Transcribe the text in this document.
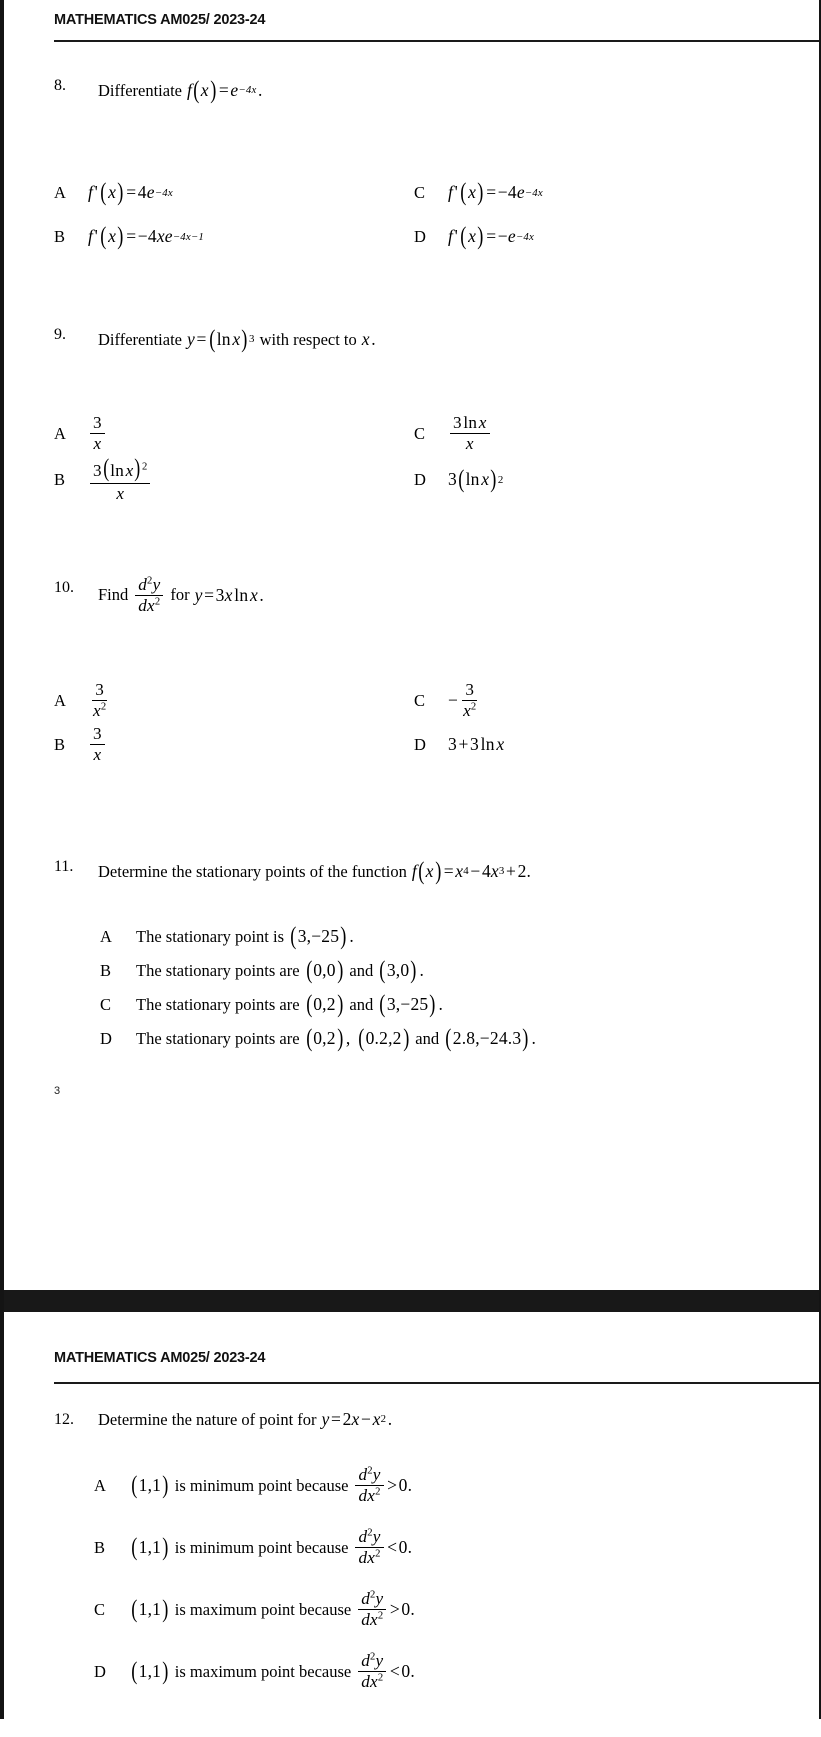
MATHEMATICS AM025/ 2023-24
8.	Differentiate f ( x ) = e −4x .
A	f ' ( x ) = 4 e −4x	C	f ' ( x ) = −4 e −4x
B	f ' ( x ) = −4 xe −4x−1	D	f ' ( x ) = − e −4x
9.	Differentiate y = ( ln
  x ) 3 with respect to x .
A	$\frac{3}{x}$	C	$\frac{\text{3 ln x}}{x}$
B	$\frac{3(\ln x)^2}{x}$	D	3 ( ln
  x ) 2
10.	Find $\frac{d^2y}{dx^2}$ for y = 3 x
  ln
  x .
A	$\frac{3}{x^2}$	C	− $\frac{3}{x^2}$
B	$\frac{3}{x}$	D	3 + 3
  ln
  x
11.	Determine the stationary points of the function f ( x ) = x 4 − 4 x 3 + 2.
A	The stationary point is ( 3,−25 ) .
B	The stationary points are ( 0,0 ) and ( 3,0 ) .
C	The stationary points are ( 0,2 ) and ( 3,−25 ) .
D	The stationary points are ( 0,2 ) , ( 0.2,2 ) and ( 2.8,−24.3 ) .
3
MATHEMATICS AM025/ 2023-24
12.	Determine the nature of point for y = 2 x − x 2 .
A ( 1,1 ) is minimum point because $\frac{d^2y}{dx^2} > 0$.
B	( 1,1 ) is minimum point because $\frac{d^2y}{dx^2} < 0$.
C	( 1,1 ) is maximum point because $\frac{d^2y}{dx^2} > 0$.
D ( 1,1 ) is maximum point because $\frac{d^2y}{dx^2} < 0$.
